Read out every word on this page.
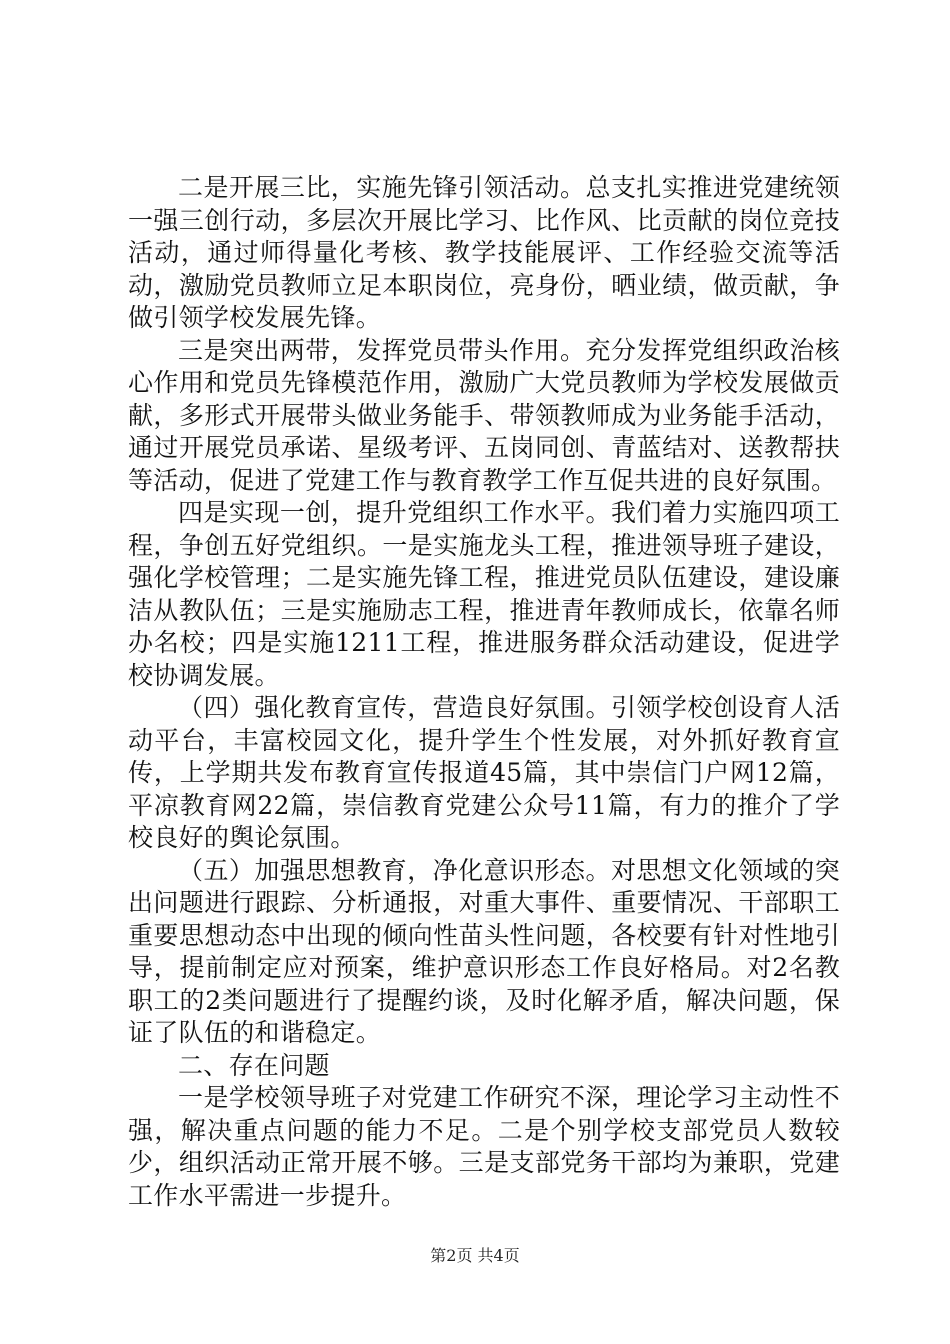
二是开展三比，实施先锋引领活动。总支扎实推进党建统领一强三创行动，多层次开展比学习、比作风、比贡献的岗位竞技活动，通过师得量化考核、教学技能展评、工作经验交流等活动，激励党员教师立足本职岗位，亮身份，晒业绩，做贡献，争做引领学校发展先锋。

三是突出两带，发挥党员带头作用。充分发挥党组织政治核心作用和党员先锋模范作用，激励广大党员教师为学校发展做贡献，多形式开展带头做业务能手、带领教师成为业务能手活动，通过开展党员承诺、星级考评、五岗同创、青蓝结对、送教帮扶等活动，促进了党建工作与教育教学工作互促共进的良好氛围。

四是实现一创，提升党组织工作水平。我们着力实施四项工程，争创五好党组织。一是实施龙头工程，推进领导班子建设，强化学校管理；二是实施先锋工程，推进党员队伍建设，建设廉洁从教队伍；三是实施励志工程，推进青年教师成长，依靠名师办名校；四是实施1211工程，推进服务群众活动建设，促进学校协调发展。

（四）强化教育宣传，营造良好氛围。引领学校创设育人活动平台，丰富校园文化，提升学生个性发展，对外抓好教育宣传，上学期共发布教育宣传报道45篇，其中崇信门户网12篇，平凉教育网22篇，崇信教育党建公众号11篇，有力的推介了学校良好的舆论氛围。

（五）加强思想教育，净化意识形态。对思想文化领域的突出问题进行跟踪、分析通报，对重大事件、重要情况、干部职工重要思想动态中出现的倾向性苗头性问题，各校要有针对性地引导，提前制定应对预案，维护意识形态工作良好格局。对2名教职工的2类问题进行了提醒约谈，及时化解矛盾，解决问题，保证了队伍的和谐稳定。

二、存在问题

一是学校领导班子对党建工作研究不深，理论学习主动性不强，解决重点问题的能力不足。二是个别学校支部党员人数较少，组织活动正常开展不够。三是支部党务干部均为兼职，党建工作水平需进一步提升。

第2页 共4页
